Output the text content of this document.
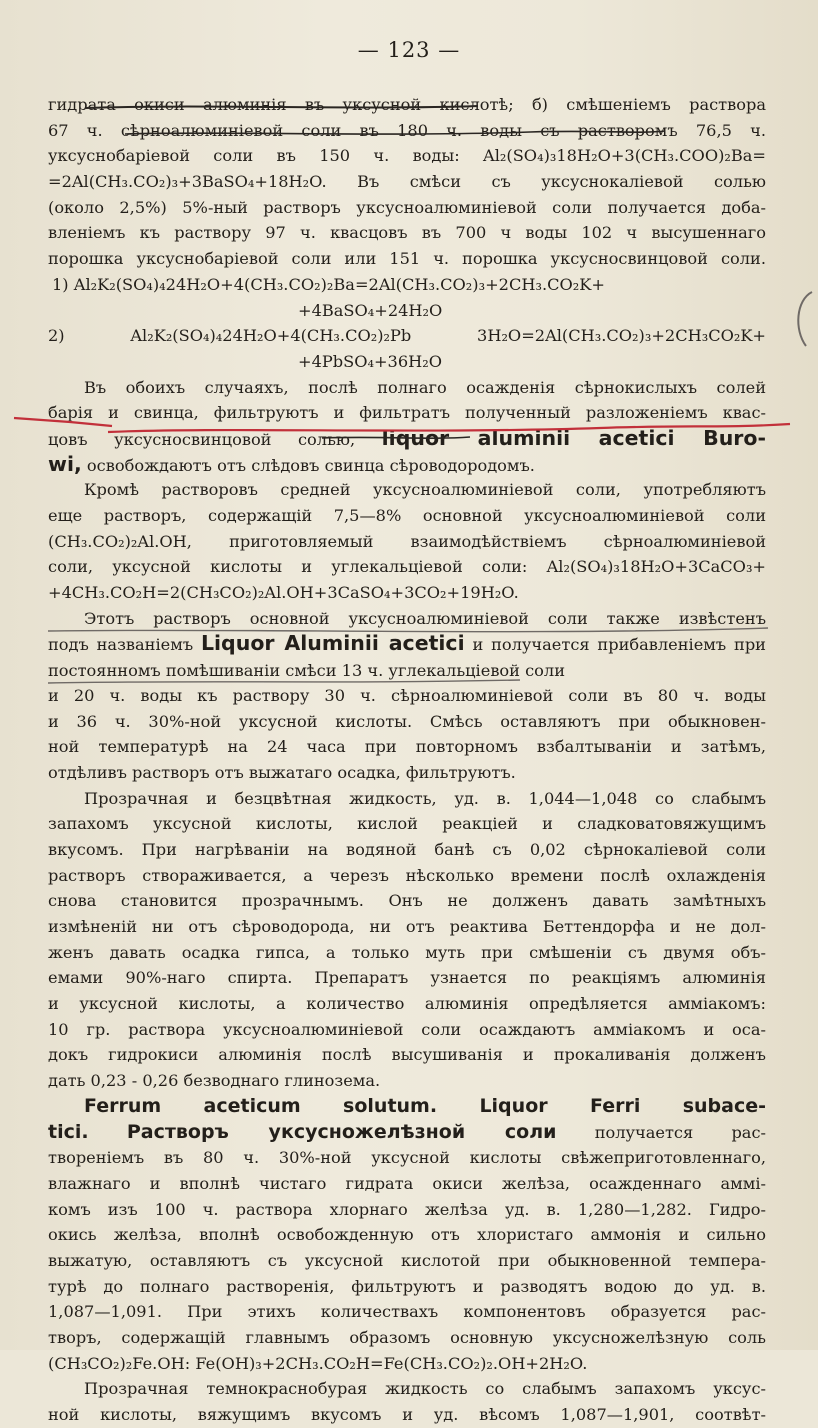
— 123 —
гидрата окиси алюминія въ уксусной кислотѣ; б) смѣшеніемъ раствора
67 ч. сѣрноалюминіевой соли въ 180 ч. воды съ растворомъ 76,5 ч.
уксуснобаріевой соли въ 150 ч. воды: Al₂(SO₄)₃18H₂O+3(CH₃.COO)₂Ba=
=2Al(CH₃.CO₂)₃+3BaSO₄+18H₂O. Въ смѣси съ уксуснокаліевой солью
(около 2,5%) 5%-ный растворъ уксусноалюминіевой соли получается доба-
вленіемъ къ раствору 97 ч. квасцовъ въ 700 ч воды 102 ч высушеннаго
порошка уксуснобаріевой соли или 151 ч. порошка уксусносвинцовой соли.
1) Al₂K₂(SO₄)₄24H₂O+4(CH₃.CO₂)₂Ba=2Al(CH₃.CO₂)₃+2CH₃.CO₂K+
+4BaSO₄+24H₂O
2) Al₂K₂(SO₄)₄24H₂O+4(CH₃.CO₂)₂Pb 3H₂O=2Al(CH₃.CO₂)₃+2CH₃CO₂K+
+4PbSO₄+36H₂O
Въ обоихъ случаяхъ, послѣ полнаго осажденія сѣрнокислыхъ солей
барія и свинца, фильтруютъ и фильтратъ полученный разложеніемъ квас-
цовъ уксусносвинцовой солью, liquor aluminii acetici Buro-
wi, освобождаютъ отъ слѣдовъ свинца сѣроводородомъ.
Кромѣ растворовъ средней уксусноалюминіевой соли, употребляютъ
еще растворъ, содержащій 7,5—8% основной уксусноалюминіевой соли
(CH₃.CO₂)₂Al.OH, приготовляемый взаимодѣйствіемъ сѣрноалюминіевой
соли, уксусной кислоты и углекальціевой соли: Al₂(SO₄)₃18H₂O+3CaCO₃+
+4CH₃.CO₂H=2(CH₃CO₂)₂Al.OH+3CaSO₄+3CO₂+19H₂O.
Этотъ растворъ основной уксусноалюминіевой соли также извѣстенъ
подъ названіемъ Liquor Aluminii acetici и получается прибавленіемъ при постоянномъ помѣшиваніи смѣси 13 ч. углекальціевой соли
и 20 ч. воды къ раствору 30 ч. сѣрноалюминіевой соли въ 80 ч. воды
и 36 ч. 30%-ной уксусной кислоты. Смѣсь оставляютъ при обыкновен-
ной температурѣ на 24 часа при повторномъ взбалтываніи и затѣмъ,
отдѣливъ растворъ отъ выжатаго осадка, фильтруютъ.
Прозрачная и безцвѣтная жидкость, уд. в. 1,044—1,048 со слабымъ
запахомъ уксусной кислоты, кислой реакціей и сладковатовяжущимъ
вкусомъ. При нагрѣваніи на водяной банѣ съ 0,02 сѣрнокаліевой соли
растворъ створаживается, а черезъ нѣсколько времени послѣ охлажденія
снова становится прозрачнымъ. Онъ не долженъ давать замѣтныхъ
измѣненій ни отъ сѣроводорода, ни отъ реактива Беттендорфа и не дол-
женъ давать осадка гипса, а только муть при смѣшеніи съ двумя объ-
емами 90%-наго спирта. Препаратъ узнается по реакціямъ алюминія
и уксусной кислоты, а количество алюминія опредѣляется амміакомъ:
10 гр. раствора уксусноалюминіевой соли осаждаютъ амміакомъ и оса-
докъ гидрокиси алюминія послѣ высушиванія и прокаливанія долженъ
дать 0,23 - 0,26 безводнаго глинозема.
Ferrum aceticum solutum. Liquor Ferri subace-
tici. Растворъ уксусножелѣзной соли получается рас-
твореніемъ въ 80 ч. 30%-ной уксусной кислоты свѣжеприготовленнаго,
влажнаго и вполнѣ чистаго гидрата окиси желѣза, осажденнаго аммі-
комъ изъ 100 ч. раствора хлорнаго желѣза уд. в. 1,280—1,282. Гидро-
окись желѣза, вполнѣ освобожденную отъ хлористаго аммонія и сильно
выжатую, оставляютъ съ уксусной кислотой при обыкновенной темпера-
турѣ до полнаго растворенія, фильтруютъ и разводятъ водою до уд. в.
1,087—1,091. При этихъ количествахъ компонентовъ образуется рас-
творъ, содержащій главнымъ образомъ основную уксусножелѣзную соль
(CH₃CO₂)₂Fe.OH: Fe(OH)₃+2CH₃.CO₂H=Fe(CH₃.CO₂)₂.OH+2H₂O.
Прозрачная темнокраснобурая жидкость со слабымъ запахомъ уксус-
ной кислоты, вяжущимъ вкусомъ и уд. вѣсомъ 1,087—1,901, соотвѣт-
